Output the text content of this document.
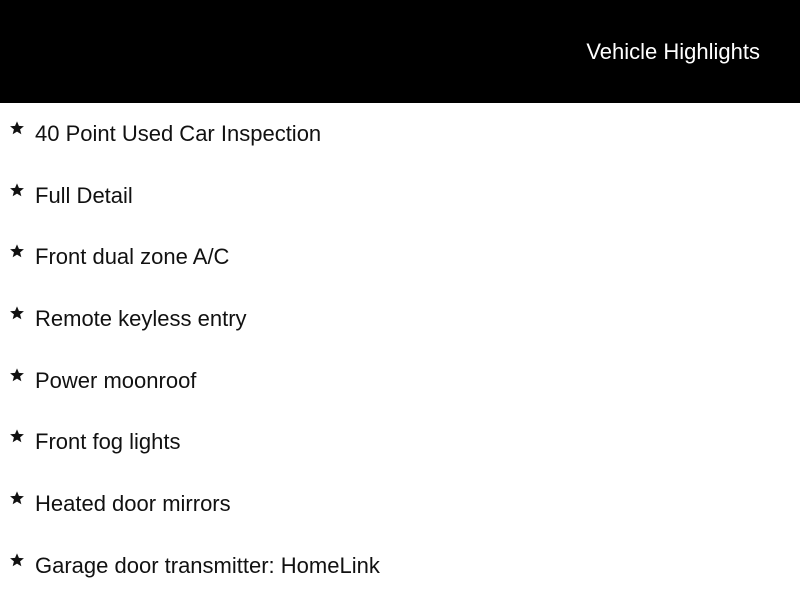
Vehicle Highlights
40 Point Used Car Inspection
Full Detail
Front dual zone A/C
Remote keyless entry
Power moonroof
Front fog lights
Heated door mirrors
Garage door transmitter: HomeLink
